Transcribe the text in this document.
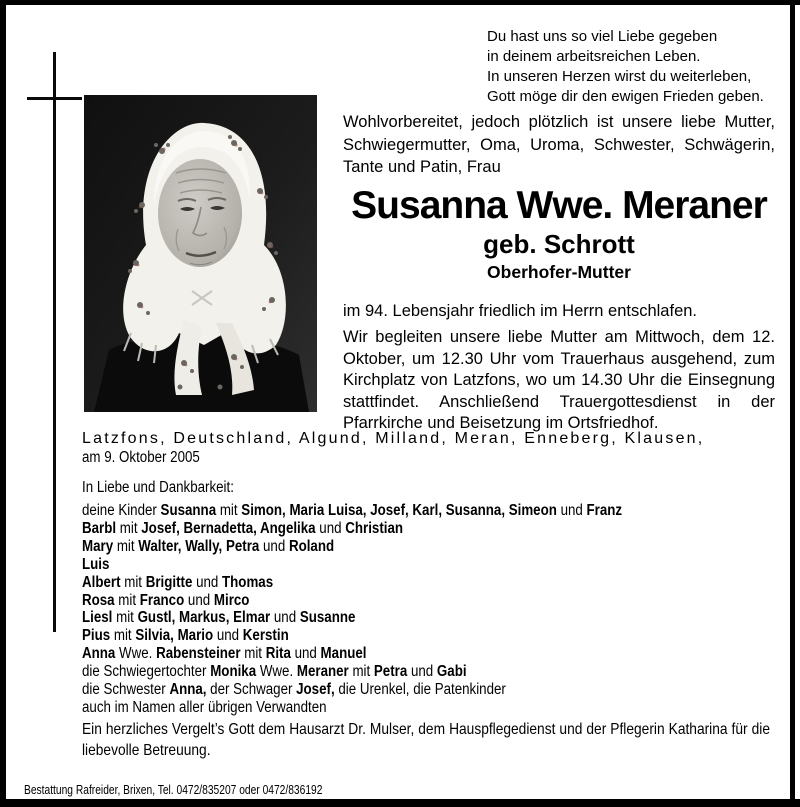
Du hast uns so viel Liebe gegeben
in deinem arbeitsreichen Leben.
In unseren Herzen wirst du weiterleben,
Gott möge dir den ewigen Frieden geben.
Wohlvorbereitet, jedoch plötzlich ist unsere liebe Mutter, Schwiegermutter, Oma, Uroma, Schwester, Schwägerin, Tante und Patin, Frau
Susanna Wwe. Meraner
geb. Schrott
Oberhofer-Mutter
im 94. Lebensjahr friedlich im Herrn entschlafen.
Wir begleiten unsere liebe Mutter am Mittwoch, dem 12. Oktober, um 12.30 Uhr vom Trauerhaus ausgehend, zum Kirchplatz von Latzfons, wo um 14.30 Uhr die Einsegnung stattfindet. Anschließend Trauergottesdienst in der Pfarrkirche und Beisetzung im Ortsfriedhof.
Latzfons, Deutschland, Algund, Milland, Meran, Enneberg, Klausen,
am 9. Oktober 2005
In Liebe und Dankbarkeit:
deine Kinder Susanna mit Simon, Maria Luisa, Josef, Karl, Susanna, Simeon und Franz
Barbl mit Josef, Bernadetta, Angelika und Christian
Mary mit Walter, Wally, Petra und Roland
Luis
Albert mit Brigitte und Thomas
Rosa mit Franco und Mirco
Liesl mit Gustl, Markus, Elmar und Susanne
Pius mit Silvia, Mario und Kerstin
Anna Wwe. Rabensteiner mit Rita und Manuel
die Schwiegertochter Monika Wwe. Meraner mit Petra und Gabi
die Schwester Anna, der Schwager Josef, die Urenkel, die Patenkinder
auch im Namen aller übrigen Verwandten
Ein herzliches Vergelt’s Gott dem Hausarzt Dr. Mulser, dem Hauspflegedienst und der Pflegerin Katharina für die liebevolle Betreuung.
Bestattung Rafreider, Brixen, Tel. 0472/835207 oder 0472/836192
